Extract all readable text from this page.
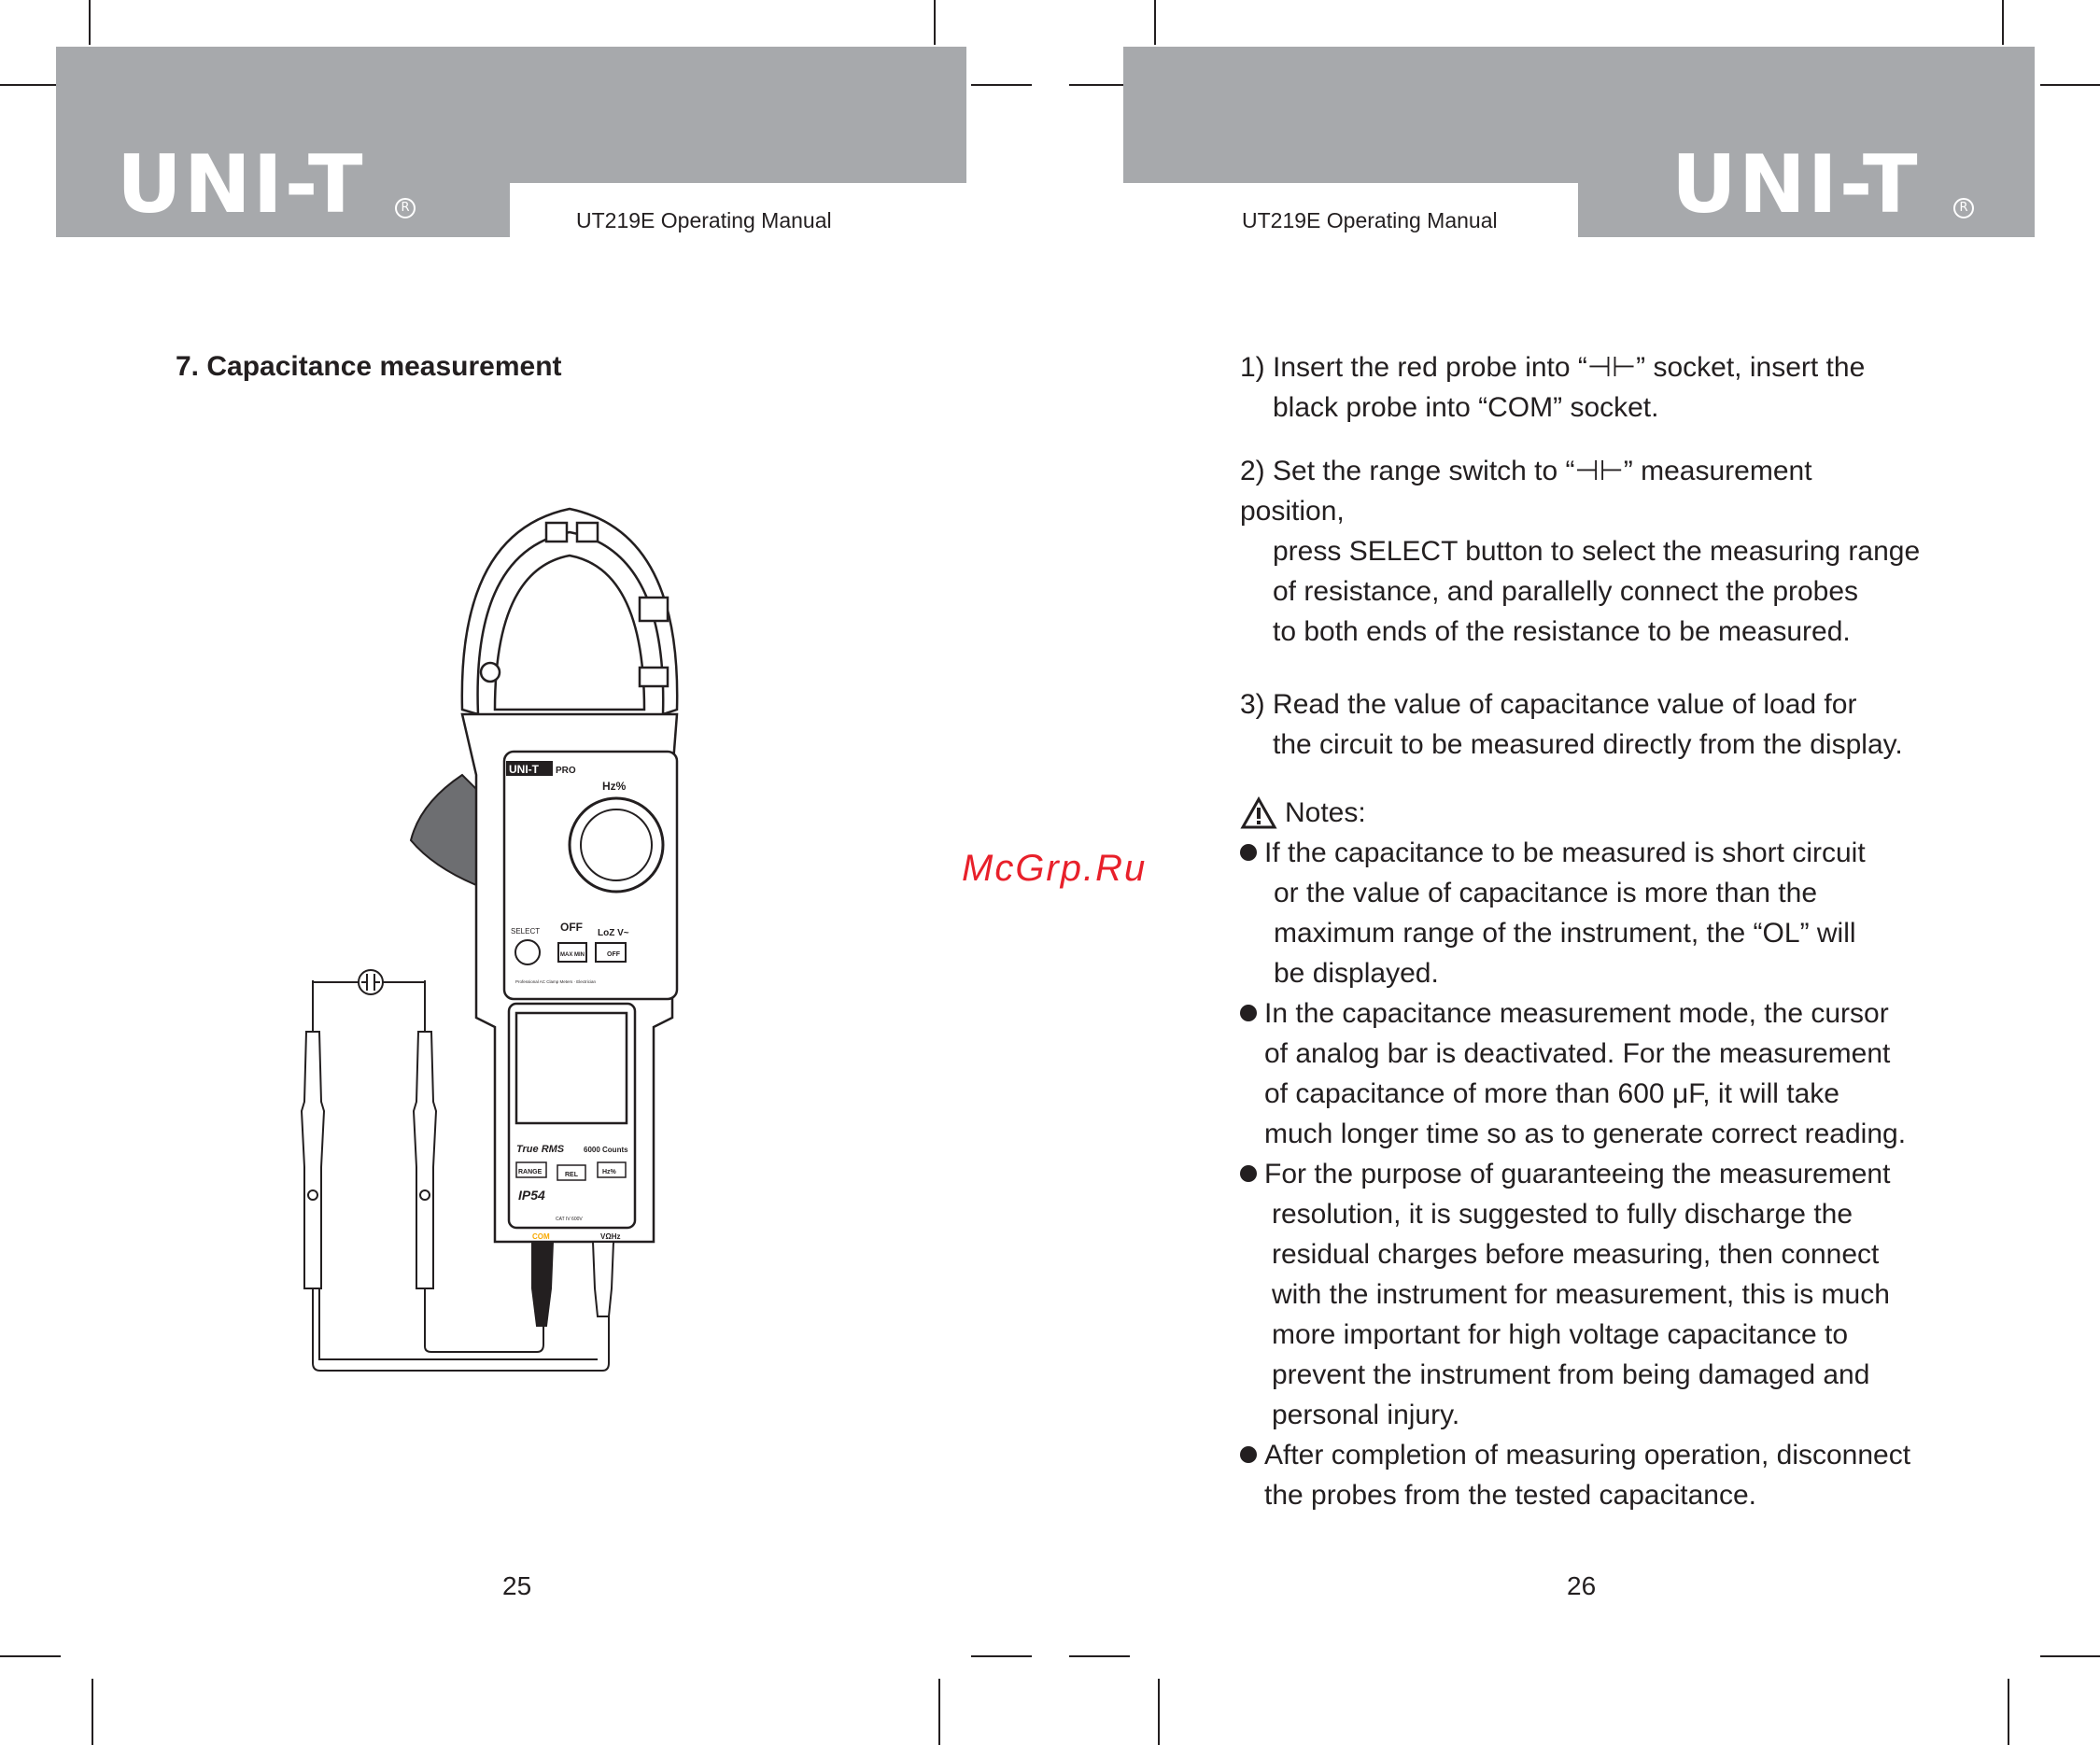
UNI-T	R
UT219E Operating Manual	UNI-T	R
UT219E Operating Manual
7. Capacitance measurement
UNI-T PRO
Hz%
SELECT OFF LoZ V~
MAX MIN	OFF
Professional AC Clamp Meters · Electrician
True RMS	6000 Counts
RANGE	REL	Hz%
IP54
CAT IV 600V
COM	VΩHz
25
McGrp.Ru
1) Insert the red probe into “⊣⊢” socket, insert the
black probe into “COM” socket.
2) Set the range switch to “⊣⊢” measurement position,
press SELECT button to select the measuring range
of resistance, and parallelly connect the probes
to both ends of the resistance to be measured.
3) Read the value of capacitance value of load for
the circuit to be measured directly from the display.
Notes:
If the capacitance to be measured is short circuit
or the value of capacitance is more than the
maximum range of the instrument, the “OL” will
be displayed.
In the capacitance measurement mode, the cursor
of analog bar is deactivated. For the measurement
of capacitance of more than 600 μF, it will take
much longer time so as to generate correct reading.
For the purpose of guaranteeing the measurement
resolution, it is suggested to fully discharge the
residual charges before measuring, then connect
with the instrument for measurement, this is much
more important for high voltage capacitance to
prevent the instrument from being damaged and
personal injury.
After completion of measuring operation, disconnect
the probes from the tested capacitance.
26
